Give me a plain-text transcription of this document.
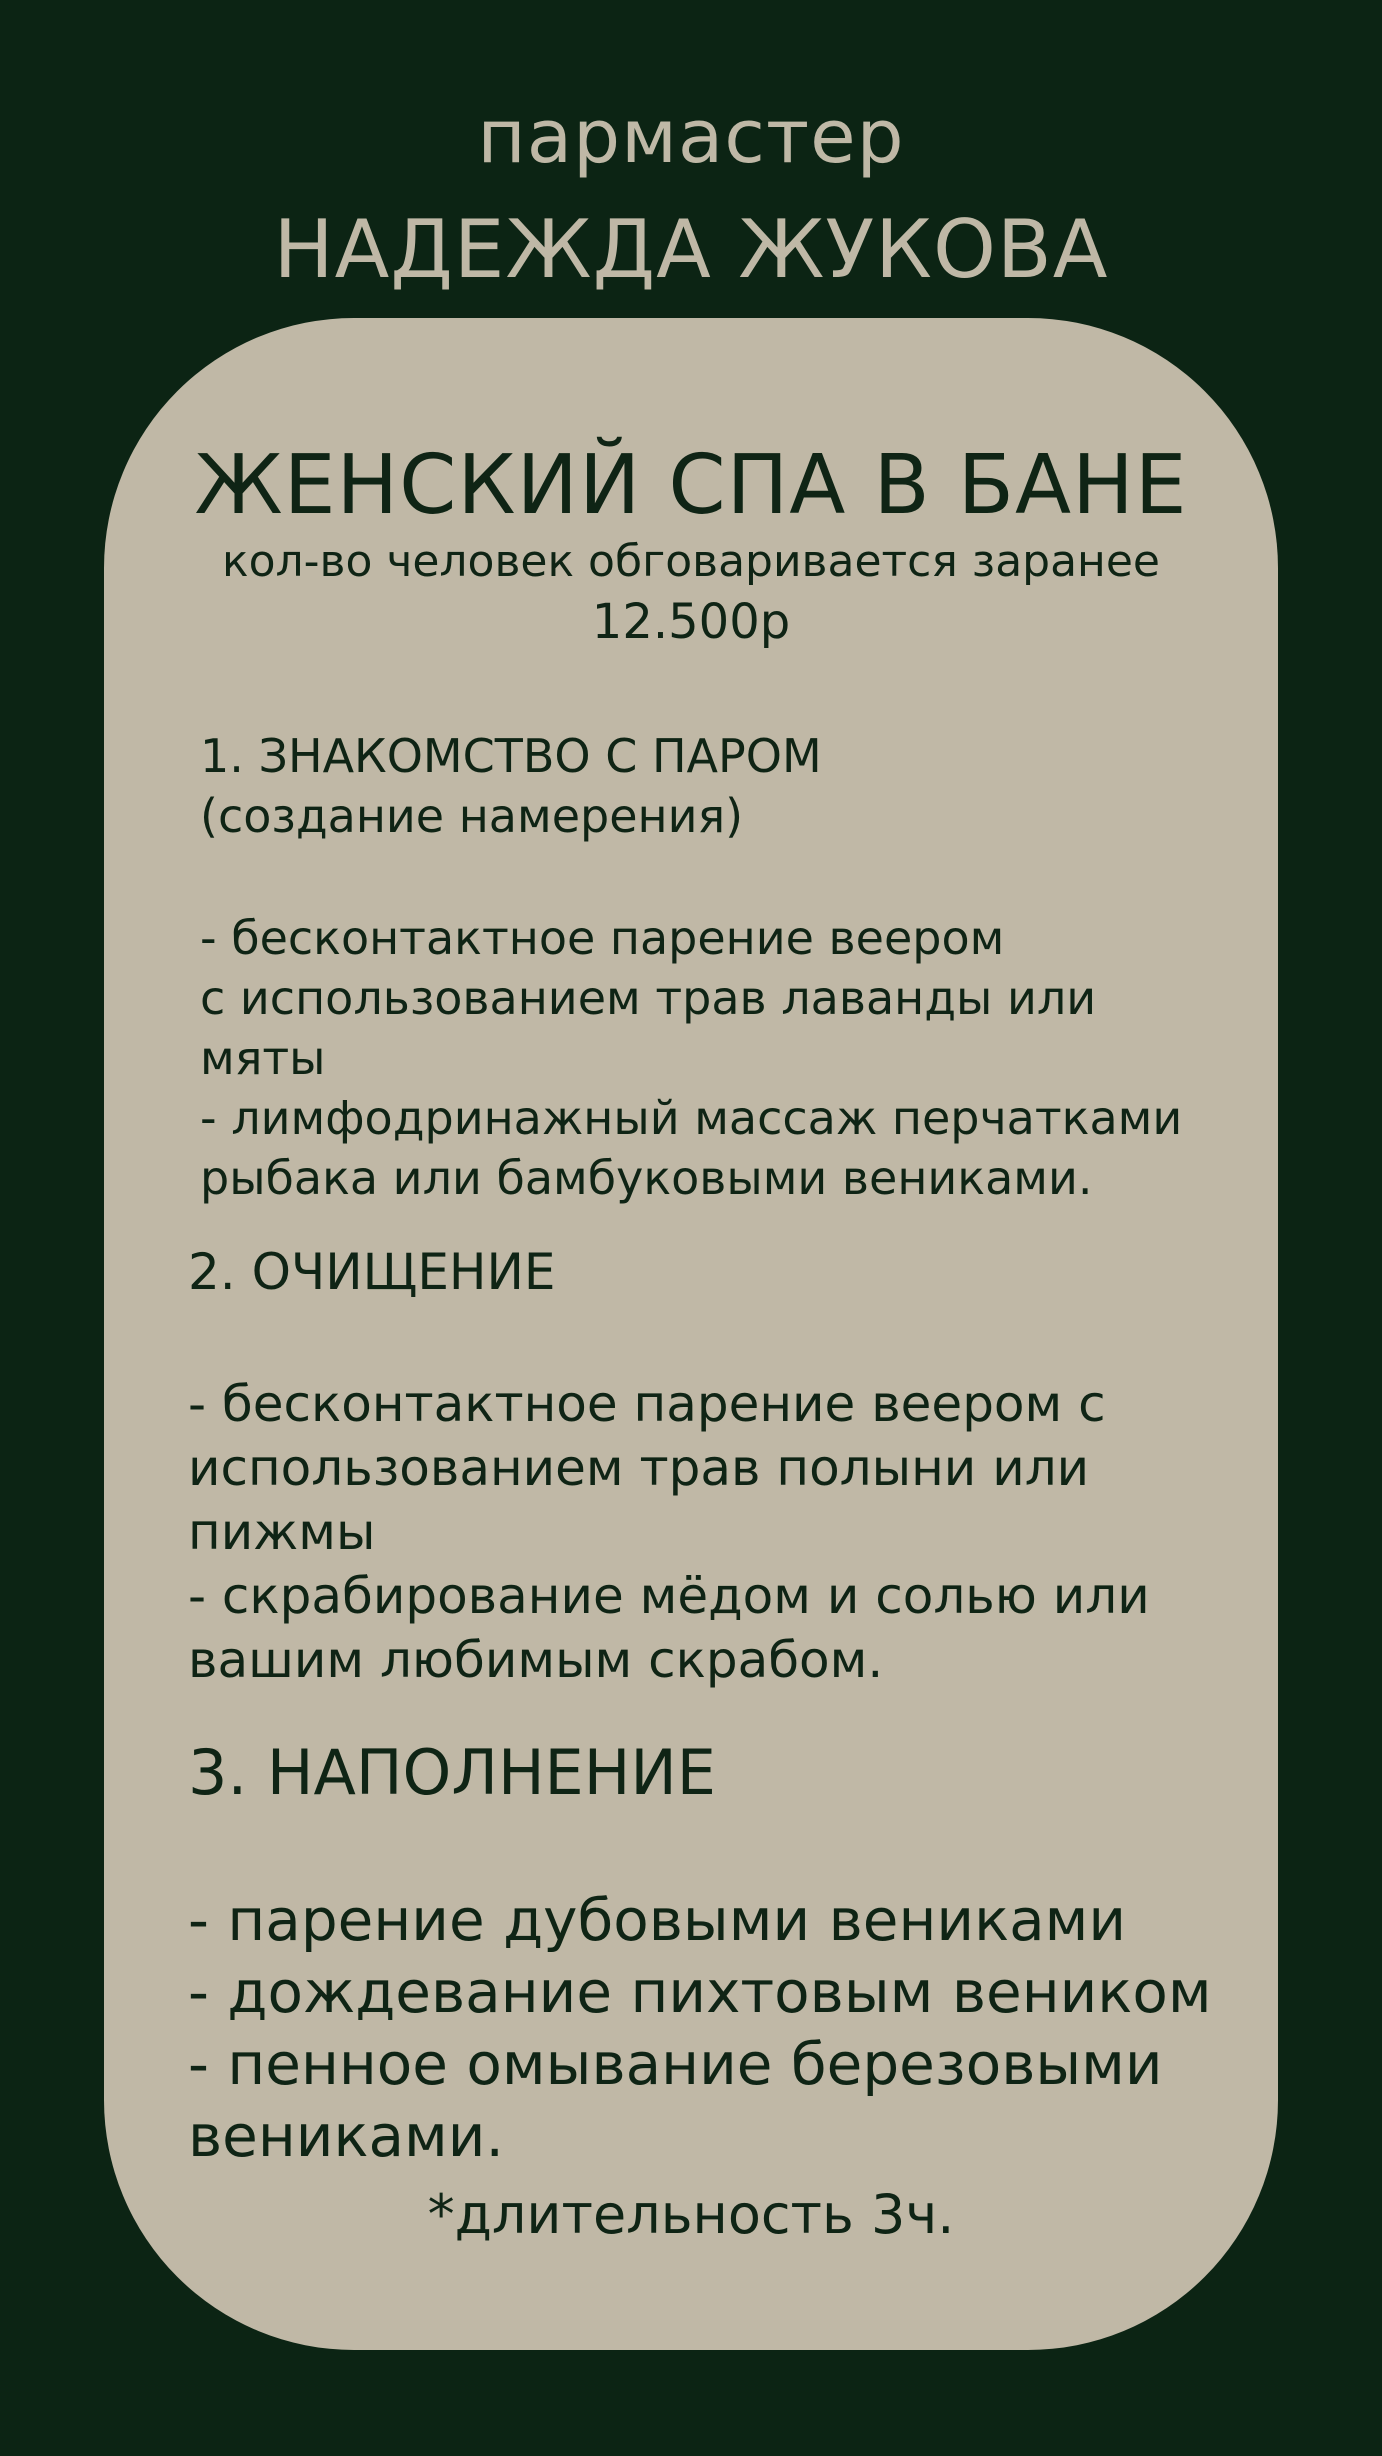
пармастер
НАДЕЖДА ЖУКОВА
ЖЕНСКИЙ СПА В БАНЕ
кол-во человек обговаривается заранее
12.500р
1. ЗНАКОМСТВО С ПАРОМ
(создание намерения)
- бесконтактное парение веером
с использованием трав лаванды или
мяты
- лимфодринажный массаж перчатками
рыбака или бамбуковыми вениками.
2. ОЧИЩЕНИЕ
- бесконтактное парение веером с
использованием трав полыни или
пижмы
- скрабирование мёдом и солью или
вашим любимым скрабом.
3. НАПОЛНЕНИЕ
- парение дубовыми вениками
- дождевание пихтовым веником
- пенное омывание березовыми
вениками.
*длительность 3ч.
